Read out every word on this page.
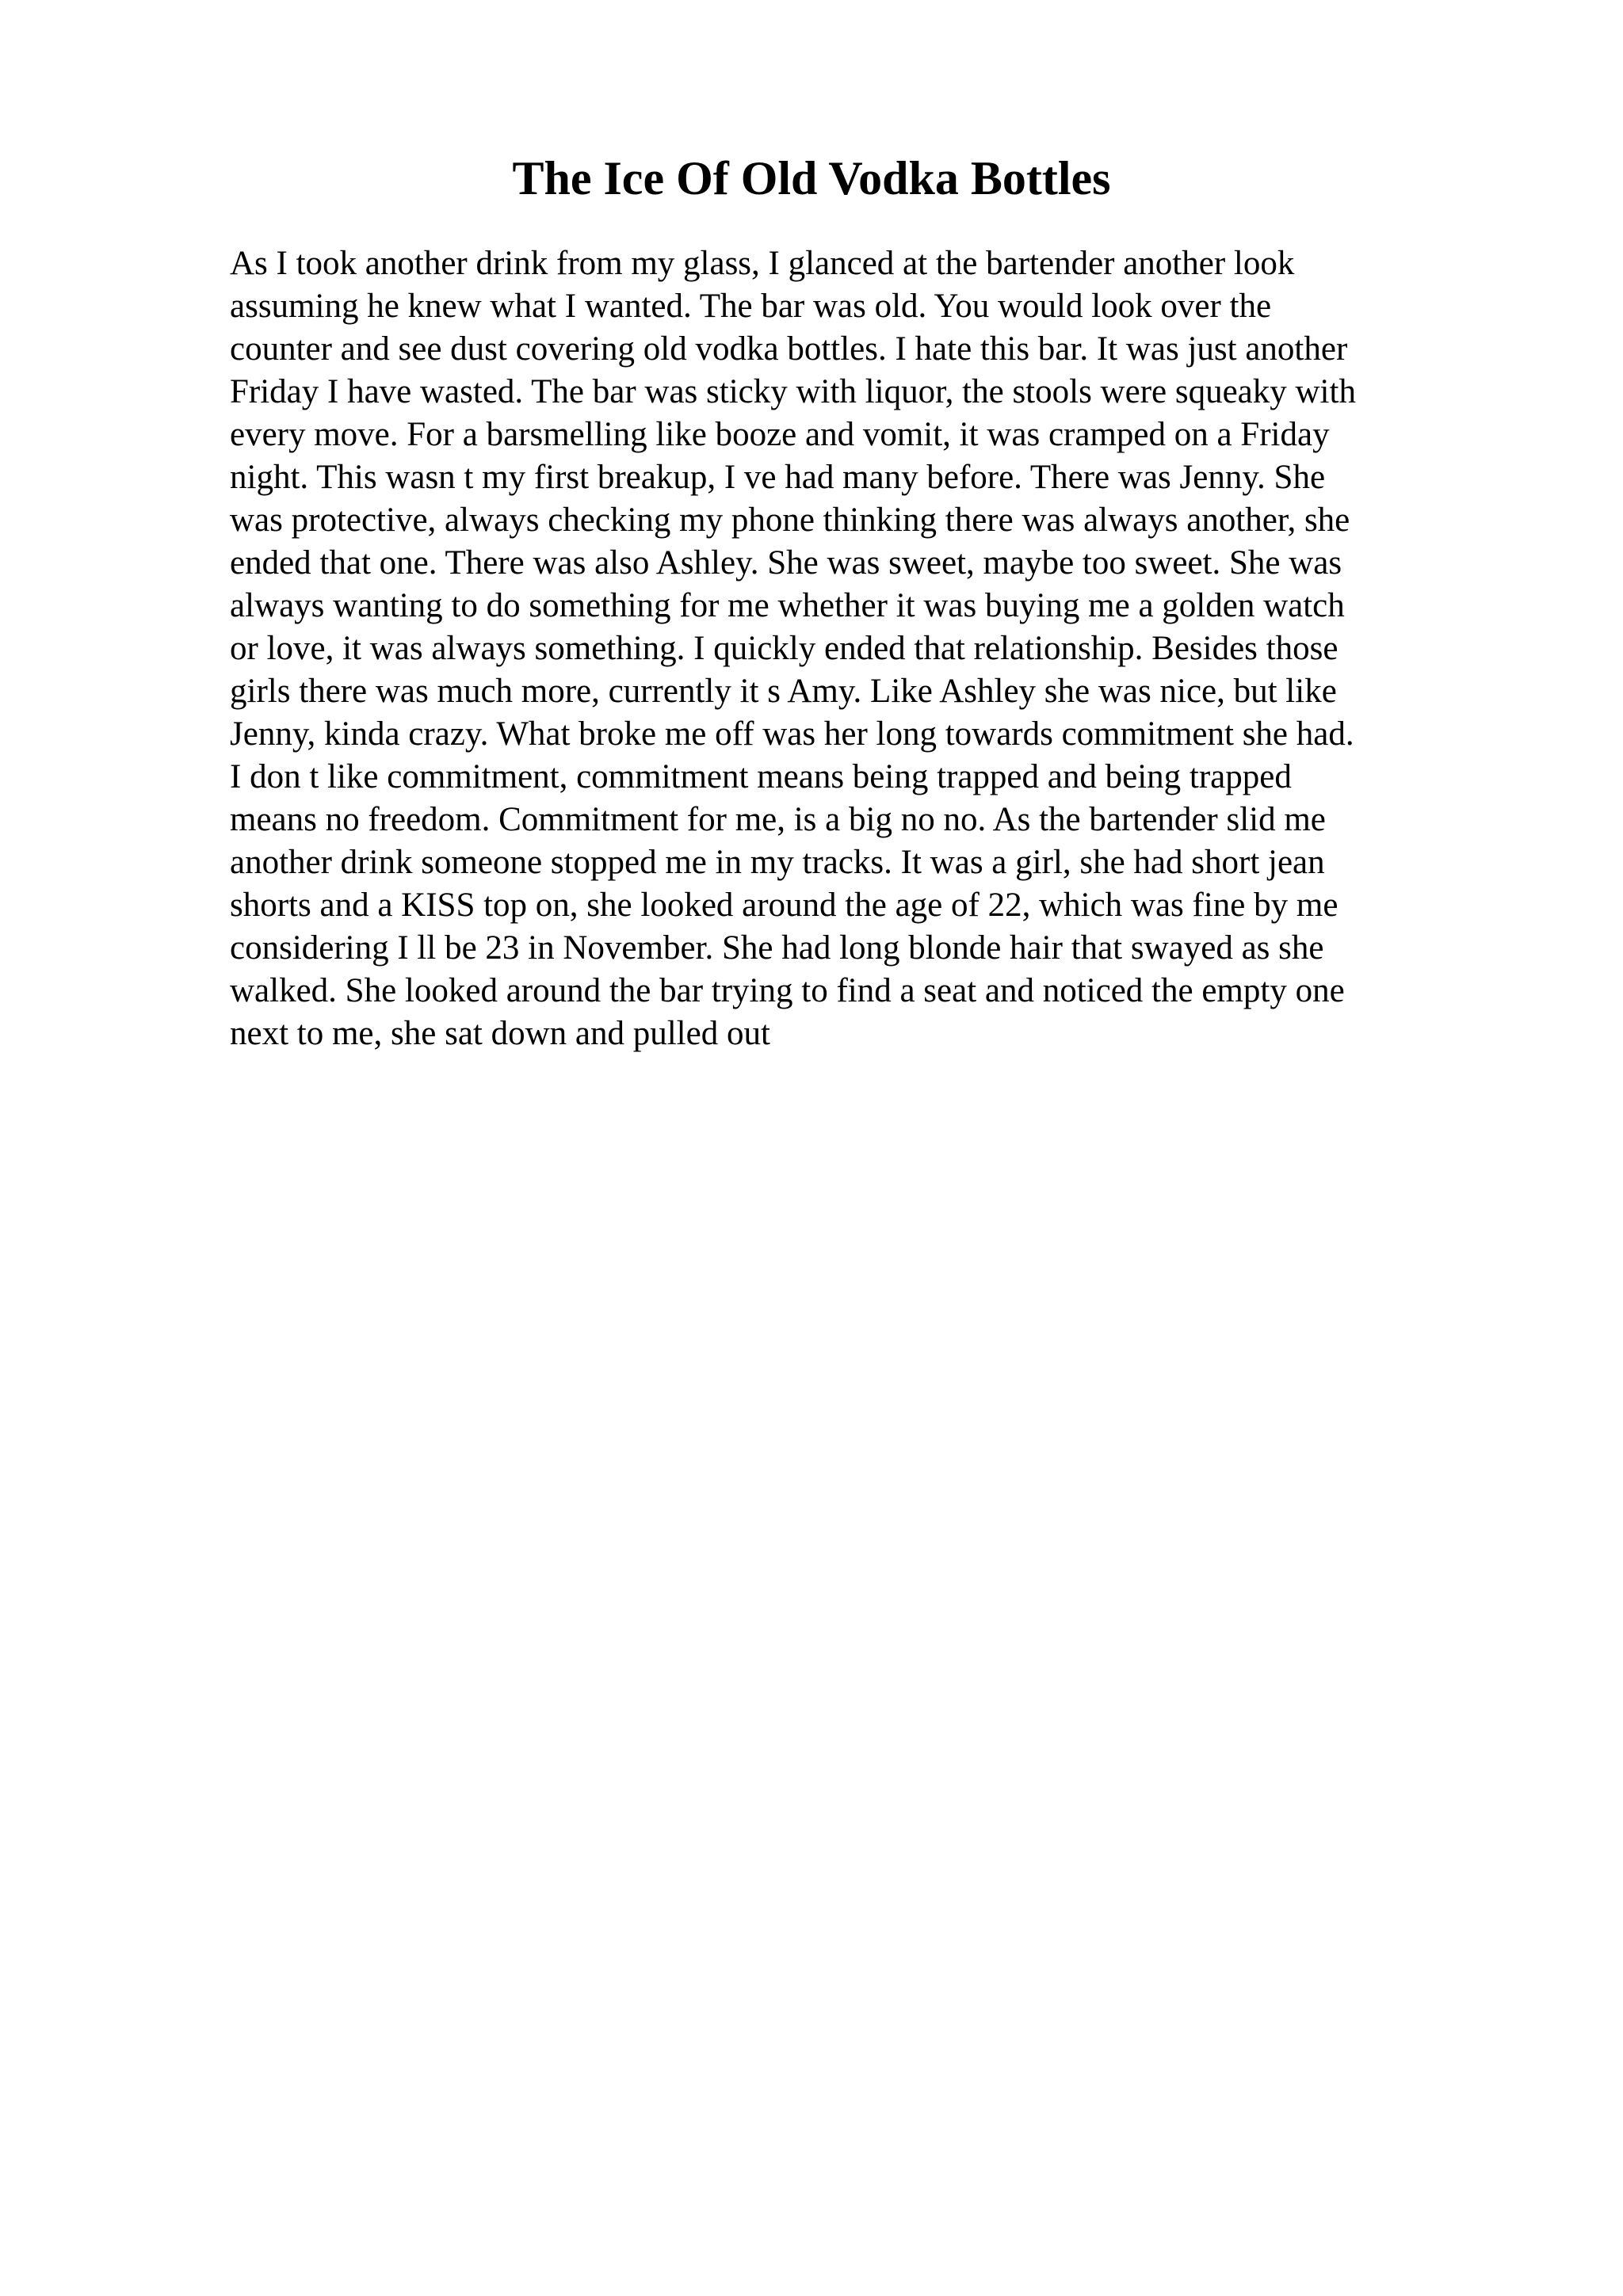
The Ice Of Old Vodka Bottles
As I took another drink from my glass, I glanced at the bartender another look
assuming he knew what I wanted. The bar was old. You would look over the
counter and see dust covering old vodka bottles. I hate this bar. It was just another
Friday I have wasted. The bar was sticky with liquor, the stools were squeaky with
every move. For a barsmelling like booze and vomit, it was cramped on a Friday
night. This wasn t my first breakup, I ve had many before. There was Jenny. She
was protective, always checking my phone thinking there was always another, she
ended that one. There was also Ashley. She was sweet, maybe too sweet. She was
always wanting to do something for me whether it was buying me a golden watch
or love, it was always something. I quickly ended that relationship. Besides those
girls there was much more, currently it s Amy. Like Ashley she was nice, but like
Jenny, kinda crazy. What broke me off was her long towards commitment she had.
I don t like commitment, commitment means being trapped and being trapped
means no freedom. Commitment for me, is a big no no. As the bartender slid me
another drink someone stopped me in my tracks. It was a girl, she had short jean
shorts and a KISS top on, she looked around the age of 22, which was fine by me
considering I ll be 23 in November. She had long blonde hair that swayed as she
walked. She looked around the bar trying to find a seat and noticed the empty one
next to me, she sat down and pulled out
